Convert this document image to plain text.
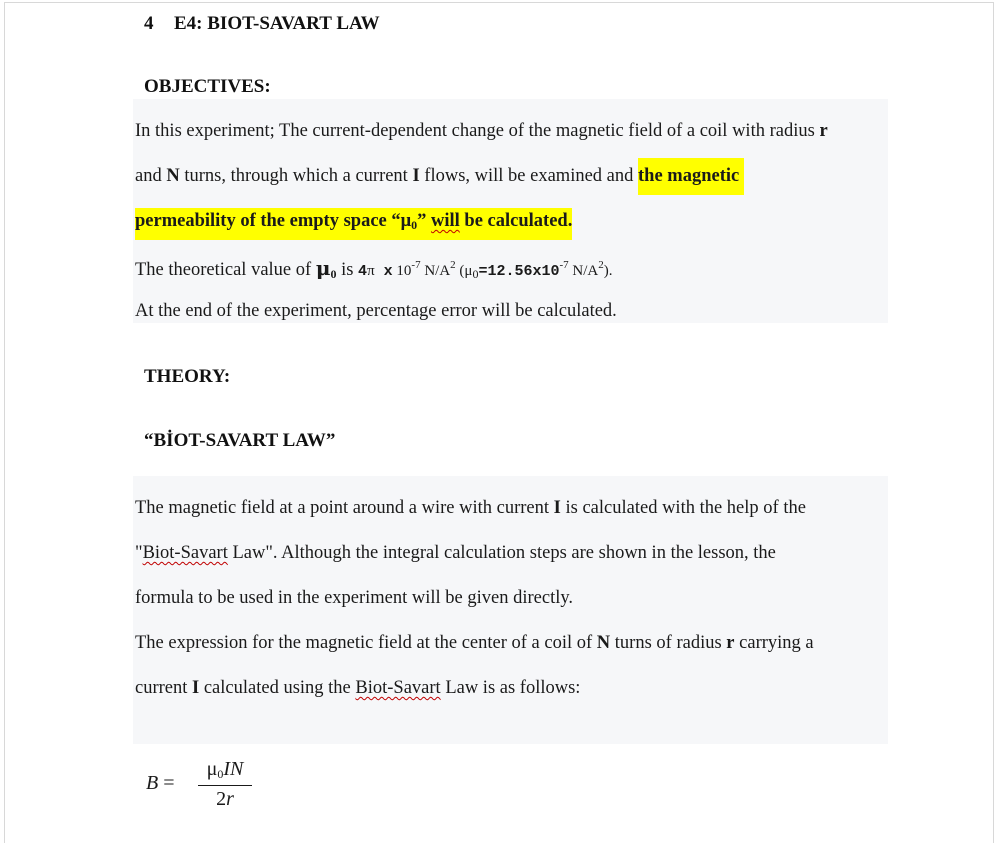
4 E4: BIOT-SAVART LAW
OBJECTIVES:
In this experiment; The current-dependent change of the magnetic field of a coil with radius r
and N turns, through which a current I flows, will be examined and the magnetic
permeability of the empty space “$\mu_0$” will be calculated.
The theoretical value of $\mu_0$ is 4π x $10^{-7}$ $N/A^2$ ($\mu_0=12.56x10^{-7}$ $N/A^2$).
At the end of the experiment, percentage error will be calculated.
THEORY:
“BİOT-SAVART LAW”
The magnetic field at a point around a wire with current I is calculated with the help of the
"Biot-Savart Law". Although the integral calculation steps are shown in the lesson, the
formula to be used in the experiment will be given directly.
The expression for the magnetic field at the center of a coil of N turns of radius r carrying a
current I calculated using the Biot-Savart Law is as follows:
B =
$\mu_0IN$
2r
